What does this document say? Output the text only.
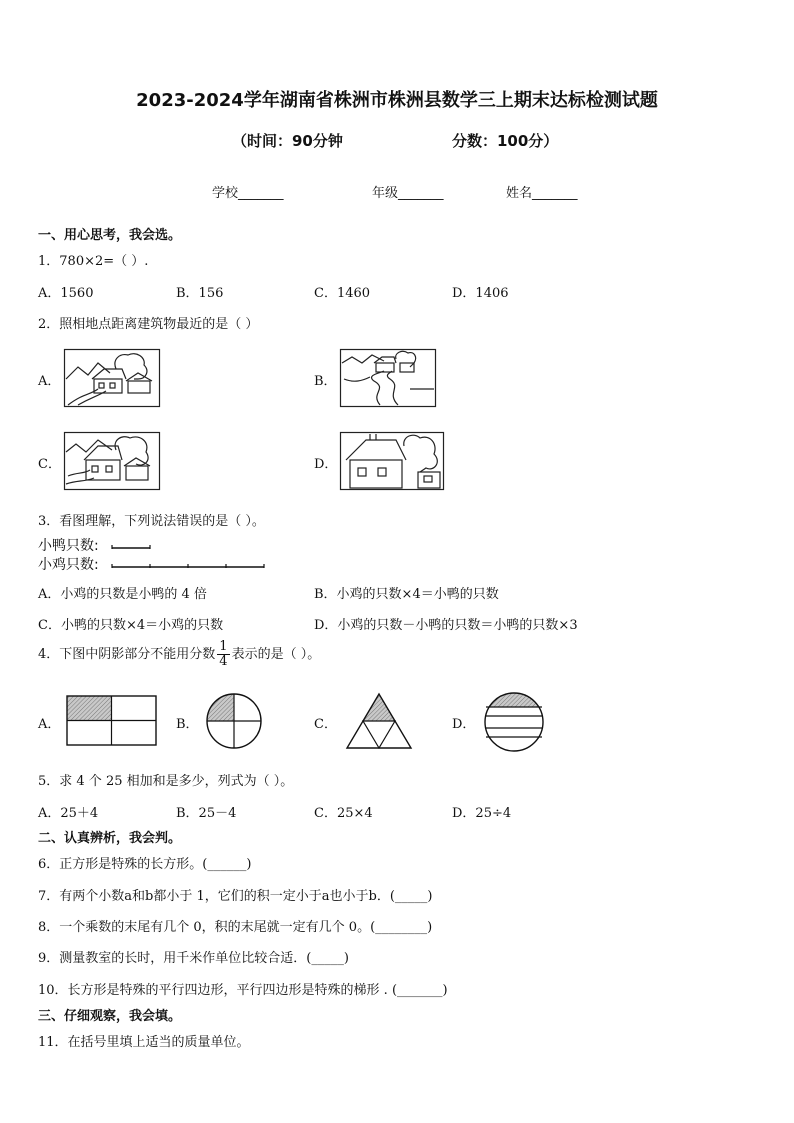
2023-2024学年湖南省株洲市株洲县数学三上期末达标检测试题
（时间：90分钟	分数：100分）
学校_______	年级_______	姓名_______
一、用心思考，我会选。
1．780×2=（ ）.
A．1560	B．156	C．1460	D．1406
2．照相地点距离建筑物最近的是（ ）
A．	B．
C．	D．
3．看图理解，下列说法错误的是（ ）。
小鸭只数:
小鸡只数:
A．小鸡的只数是小鸭的 4 倍	B．小鸡的只数×4＝小鸭的只数
C．小鸭的只数×4＝小鸡的只数	D．小鸡的只数－小鸭的只数＝小鸭的只数×3
4．下图中阴影部分不能用分数 $\frac{1}{4}$ 表示的是（ ）。
A．	B．	C．	D．
5．求 4 个 25 相加和是多少，列式为（ ）。
A．25＋4	B．25－4	C．25×4	D．25÷4
二、认真辨析，我会判。
6．正方形是特殊的长方形。(______)
7．有两个小数a和b都小于 1，它们的积一定小于a也小于b．(_____)
8．一个乘数的末尾有几个 0，积的末尾就一定有几个 0。(________)
9．测量教室的长时，用千米作单位比较合适．(_____)
10．长方形是特殊的平行四边形，平行四边形是特殊的梯形 . (_______)
三、仔细观察，我会填。
11．在括号里填上适当的质量单位。
